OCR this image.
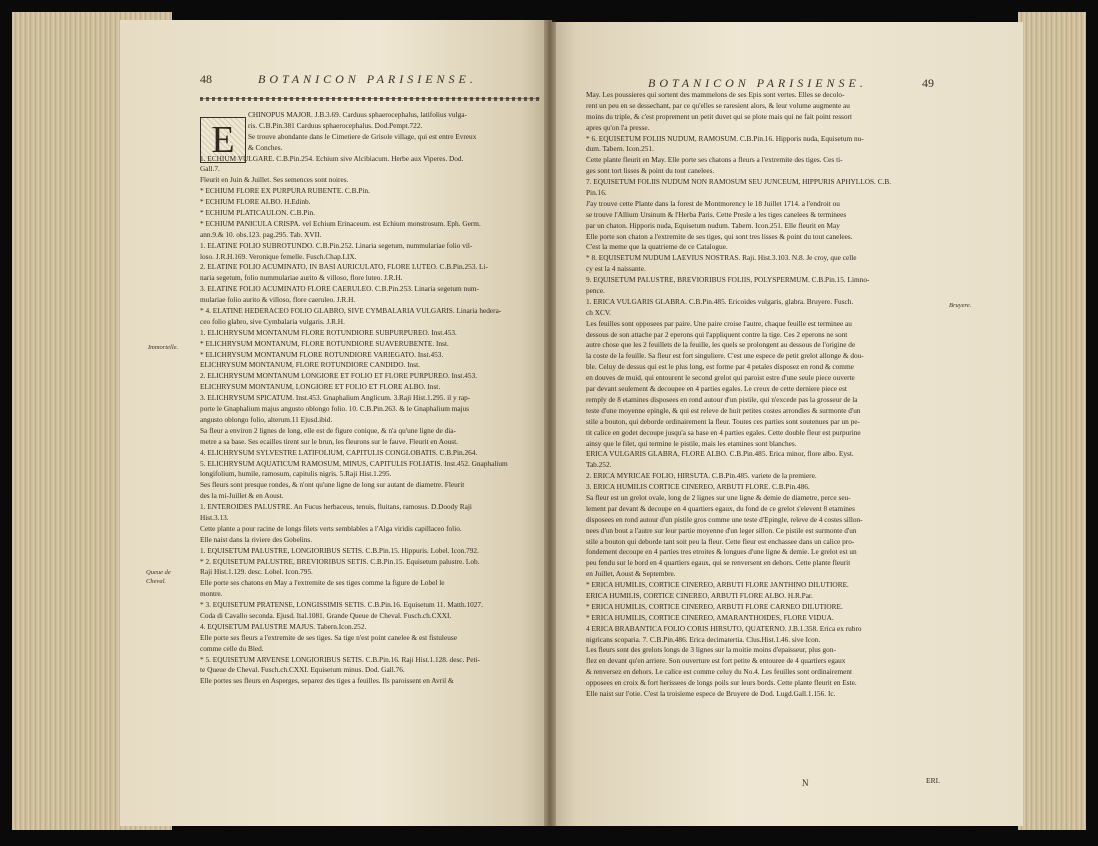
48	BOTANICON PARISIENSE.	BOTANICON PARISIENSE.	49
E
Immortelle.
Queue de
Cheval.
Bruyere.
CHINOPUS MAJOR. J.B.3.69. Carduus sphaerocephalus, latifolius vulga-
ris. C.B.Pin.381 Carduus sphaerocephalus. Dod.Pempt.722.
Se trouve abondante dans le Cimetiere de Grisole village, qui est entre Evreux
& Conches.
1. ECHIUM VULGARE. C.B.Pin.254. Echium sive Alcibiacum. Herbe aux Viperes. Dod.
Gall.7.
Fleurit en Juin & Juillet. Ses semences sont noires.
* ECHIUM FLORE EX PURPURA RUBENTE. C.B.Pin.
* ECHIUM FLORE ALBO. H.Edinb.
* ECHIUM PLATICAULON. C.B.Pin.
* ECHIUM PANICULA CRISPA. vel Echium Erinaceum. est Echium monstrosum. Eph. Germ.
ann.9.& 10. obs.123. pag.295. Tab. XVII.
1. ELATINE FOLIO SUBROTUNDO. C.B.Pin.252. Linaria segetum, nummulariae folio vil-
loso. J.R.H.169. Veronique femelle. Fusch.Chap.LIX.
2. ELATINE FOLIO ACUMINATO, IN BASI AURICULATO, FLORE LUTEO. C.B.Pin.253. Li-
naria segetum, folio nummulariae aurito & villoso, flore luteo. J.R.H.
3. ELATINE FOLIO ACUMINATO FLORE CAERULEO. C.B.Pin.253. Linaria segetum num-
mulariae folio aurito & villoso, flore caeruleo. J.R.H.
* 4. ELATINE HEDERACEO FOLIO GLABRO, SIVE CYMBALARIA VULGARIS. Linaria hedera-
ceo folio glabro, sive Cymbalaria vulgaris. J.R.H.
1. ELICHRYSUM MONTANUM FLORE ROTUNDIORE SUBPURPUREO. Inst.453.
* ELICHRYSUM MONTANUM, FLORE ROTUNDIORE SUAVERUBENTE. Inst.
* ELICHRYSUM MONTANUM FLORE ROTUNDIORE VARIEGATO. Inst.453.
ELICHRYSUM MONTANUM, FLORE ROTUNDIORE CANDIDO. Inst.
2. ELICHRYSUM MONTANUM LONGIORE ET FOLIO ET FLORE PURPUREO. Inst.453.
ELICHRYSUM MONTANUM, LONGIORE ET FOLIO ET FLORE ALBO. Inst.
3. ELICHRYSUM SPICATUM. Inst.453. Gnaphalium Anglicum. 3.Raji Hist.1.295. il y rap-
porte le Gnaphalium majus angusto oblongo folio. 10. C.B.Pin.263. & le Gnaphalium majus
angusto oblongo folio, alterum.11 Ejusd.ibid.
Sa fleur a environ 2 lignes de long, elle est de figure conique, & n'a qu'une ligne de dia-
metre a sa base. Ses ecailles tirent sur le brun, les fleurons sur le fauve. Fleurit en Aoust.
4. ELICHRYSUM SYLVESTRE LATIFOLIUM, CAPITULIS CONGLOBATIS. C.B.Pin.264.
5. ELICHRYSUM AQUATICUM RAMOSUM, MINUS, CAPITULIS FOLIATIS. Inst.452. Gnaphalium
longifolium, humile, ramosum, capitulis nigris. 5.Raji Hist.1.295.
Ses fleurs sont presque rondes, & n'ont qu'une ligne de long sur autant de diametre. Fleurit
des la mi-Juillet & en Aoust.
1. ENTEROIDES PALUSTRE. An Fucus herbaceus, tenuis, fluitans, ramosus. D.Doody Raji
Hist.3.13.
Cette plante a pour racine de longs filets verts semblables a l'Alga viridis capillaceo folio.
Elle naist dans la riviere des Gobelins.
1. EQUISETUM PALUSTRE, LONGIORIBUS SETIS. C.B.Pin.15. Hippuris. Lobel. Icon.792.
* 2. EQUISETUM PALUSTRE, BREVIORIBUS SETIS. C.B.Pin.15. Equisetum palustre. Lob.
Raji Hist.1.129. desc. Lobel. Icon.795.
Elle porte ses chatons en May a l'extremite de ses tiges comme la figure de Lobel le
montre.
* 3. EQUISETUM PRATENSE, LONGISSIMIS SETIS. C.B.Pin.16. Equisetum 11. Matth.1027.
Coda di Cavallo seconda. Ejusd. Ital.1081. Grande Queue de Cheval. Fusch.ch.CXXI.
4. EQUISETUM PALUSTRE MAJUS. Tabern.Icon.252.
Elle porte ses fleurs a l'extremite de ses tiges. Sa tige n'est point canelee & est fistuleuse
comme celle du Bled.
* 5. EQUISETUM ARVENSE LONGIORIBUS SETIS. C.B.Pin.16. Raji Hist.1.128. desc. Peti-
te Queue de Cheval. Fusch.ch.CXXI. Equisetum minus. Dod. Gall.76.
Elle portes ses fleurs en Asperges, separez des tiges a feuilles. Ils paroissent en Avril &
May. Les poussieres qui sortent des mammelons de ses Epis sont vertes. Elles se decolo-
rent un peu en se dessechant, par ce qu'elles se raresient alors, & leur volume augmente au
moins du triple, & c'est proprement un petit duvet qui se plote mais qui ne fait point ressort
apres qu'on l'a presse.
* 6. EQUISETUM FOLIIS NUDUM, RAMOSUM. C.B.Pin.16. Hipporis nuda, Equisetum nu-
dum. Tabern. Icon.251.
Cette plante fleurit en May. Elle porte ses chatons a fleurs a l'extremite des tiges. Ces ti-
ges sont tort lisses & point du tout canelees.
7. EQUISETUM FOLIIS NUDUM NON RAMOSUM SEU JUNCEUM, HIPPURIS APHYLLOS. C.B.
Pin.16.
J'ay trouve cette Plante dans la forest de Montmorency le 18 Juillet 1714. a l'endroit ou
se trouve l'Allium Ursinum & l'Herba Paris. Cette Presle a les tiges canelees & terminees
par un chaton. Hipporis nuda, Equisetum nudum. Tabern. Icon.251. Elle fleurit en May
Elle porte son chaton a l'extremite de ses tiges, qui sont tres lisses & point du tout canelees.
C'est la meme que la quatrieme de ce Catalogue.
* 8. EQUISETUM NUDUM LAEVIUS NOSTRAS. Raji. Hist.3.103. N.8. Je croy, que celle
cy est la 4 naissante.
9. EQUISETUM PALUSTRE, BREVIORIBUS FOLIIS, POLYSPERMUM. C.B.Pin.15. Limno-
pence.
1. ERICA VULGARIS GLABRA. C.B.Pin.485. Ericoides vulgaris, glabra. Bruyere. Fusch.
ch XCV.
Les feuilles sont opposees par paire. Une paire croise l'autre, chaque feuille est terminee au
dessous de son attache par 2 eperons qui l'appliquent contre la tige. Ces 2 eperons ne sont
autre chose que les 2 feuillets de la feuille, les quels se prolongent au dessous de l'origine de
la coste de la feuille. Sa fleur est fort singuliere. C'est une espece de petit grelot allonge & dou-
ble. Celuy de dessus qui est le plus long, est forme par 4 petales disposez en rond & comme
en douves de muid, qui entourent le second grelot qui paroist estre d'une seule piece ouverte
par devant seulement & decoupee en 4 parties egales. Le creux de cette derniere piece est
remply de 8 etamines disposees en rond autour d'un pistile, qui n'excede pas la grosseur de la
teste d'une moyenne epingle, & qui est releve de huit petites costes arrondies & surmonte d'un
stile a bouton, qui deborde ordinairement la fleur. Toutes ces parties sont soutenues par un pe-
tit calice en godet decoupe jusqu'a sa base en 4 parties egales. Cette double fleur est purpurine
ainsy que le filet, qui termine le pistile, mais les etamines sont blanches.
ERICA VULGARIS GLABRA, FLORE ALBO. C.B.Pin.485. Erica minor, flore albo. Eyst.
Tab.252.
2. ERICA MYRICAE FOLIO, HIRSUTA. C.B.Pin.485. variete de la premiere.
3. ERICA HUMILIS CORTICE CINEREO, ARBUTI FLORE. C.B.Pin.486.
Sa fleur est un grelot ovale, long de 2 lignes sur une ligne & demie de diametre, perce seu-
lement par devant & decoupe en 4 quartiers egaux, du fond de ce grelot s'elevent 8 etamines
disposees en rond autour d'un pistile gros comme une teste d'Epingle, releve de 4 costes sillon-
nees d'un bout a l'autre sur leur partie moyenne d'un leger sillon. Ce pistile est surmonte d'un
stile a bouton qui deborde tant soit peu la fleur. Cette fleur est enchassee dans un calice pro-
fondement decoupe en 4 parties tres etroites & longues d'une ligne & demie. Le grelot est un
peu fendu sur le bord en 4 quartiers egaux, qui se renversent en dehors. Cette plante fleurit
en Juillet, Aoust & Septembre.
* ERICA HUMILIS, CORTICE CINEREO, ARBUTI FLORE JANTHINO DILUTIORE.
ERICA HUMILIS, CORTICE CINEREO, ARBUTI FLORE ALBO. H.R.Par.
* ERICA HUMILIS, CORTICE CINEREO, ARBUTI FLORE CARNEO DILUTIORE.
* ERICA HUMILIS, CORTICE CINEREO, AMARANTHOIDES, FLORE VIDUA.
4 ERICA BRABANTICA FOLIO CORIS HIRSUTO, QUATERNO. J.B.1.358. Erica ex rubro
nigricans scoparia. 7. C.B.Pin.486. Erica decimatertia. Clus.Hist.1.46. sive Icon.
Les fleurs sont des grelots longs de 3 lignes sur la moitie moins d'epaisseur, plus gon-
flez en devant qu'en arriere. Son ouverture est fort petite & entouree de 4 quartiers egaux
& renversez en dehors. Le calice est comme celuy du No.4. Les feuilles sont ordinairement
opposees en croix & fort herissees de longs poils sur leurs bords. Cette plante fleurit en Este.
Elle naist sur l'otie. C'est la troisieme espece de Bruyere de Dod. Lugd.Gall.1.156. Ic.
N	ERI.
